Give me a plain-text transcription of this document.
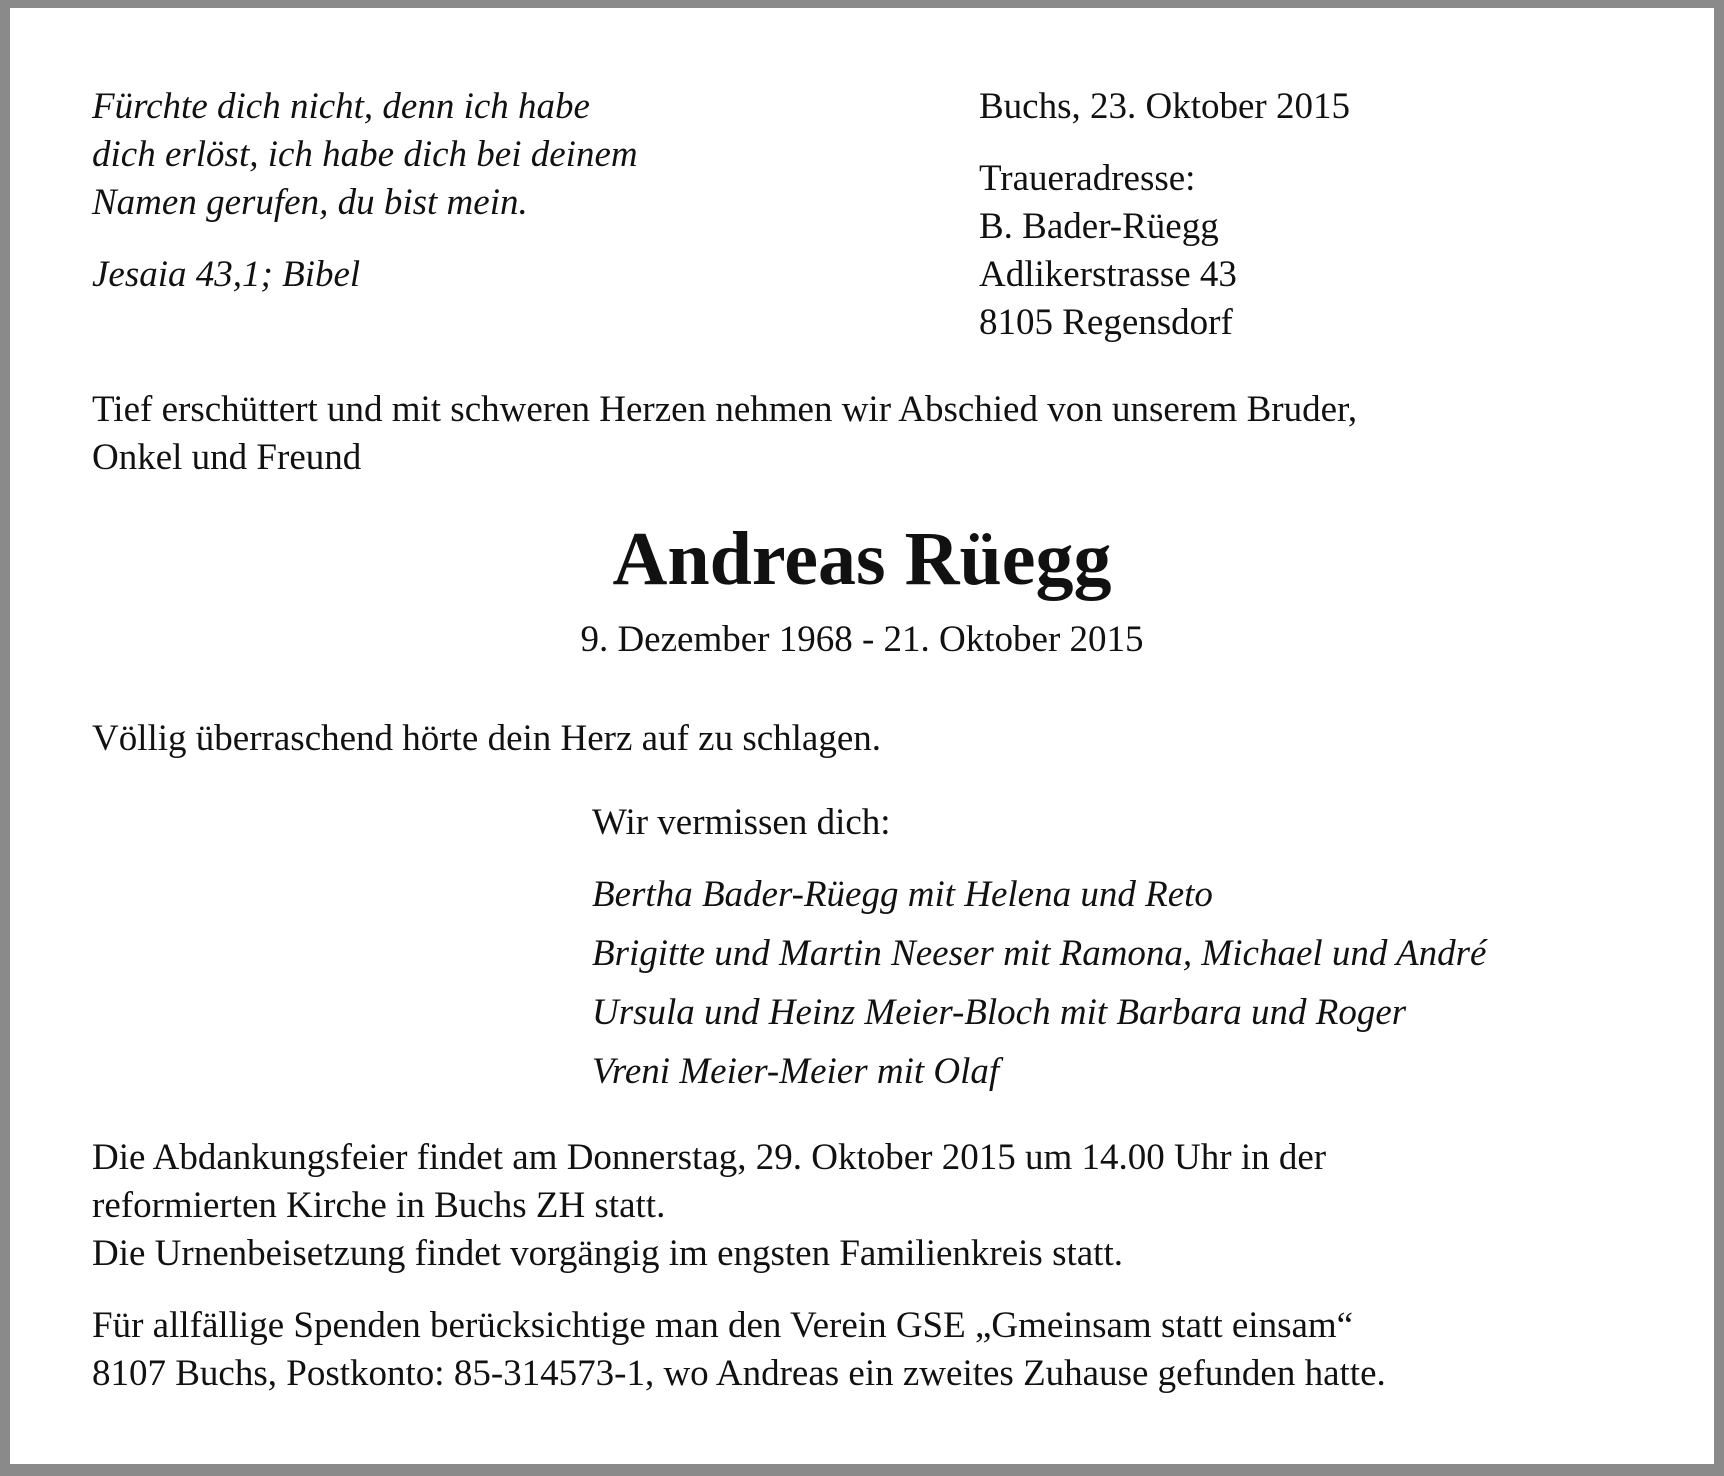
Fürchte dich nicht, denn ich habe
dich erlöst, ich habe dich bei deinem
Namen gerufen, du bist mein.
Jesaia 43,1; Bibel
Buchs, 23. Oktober 2015
Traueradresse:
B. Bader-Rüegg
Adlikerstrasse 43
8105 Regensdorf
Tief erschüttert und mit schweren Herzen nehmen wir Abschied von unserem Bruder,
Onkel und Freund
Andreas Rüegg
9. Dezember 1968 - 21. Oktober 2015
Völlig überraschend hörte dein Herz auf zu schlagen.
Wir vermissen dich:
Bertha Bader-Rüegg mit Helena und Reto
Brigitte und Martin Neeser mit Ramona, Michael und André
Ursula und Heinz Meier-Bloch mit Barbara und Roger
Vreni Meier-Meier mit Olaf
Die Abdankungsfeier findet am Donnerstag, 29. Oktober 2015 um 14.00 Uhr in der
reformierten Kirche in Buchs ZH statt.
Die Urnenbeisetzung findet vorgängig im engsten Familienkreis statt.
Für allfällige Spenden berücksichtige man den Verein GSE „Gmeinsam statt einsam“
8107 Buchs, Postkonto: 85-314573-1, wo Andreas ein zweites Zuhause gefunden hatte.
